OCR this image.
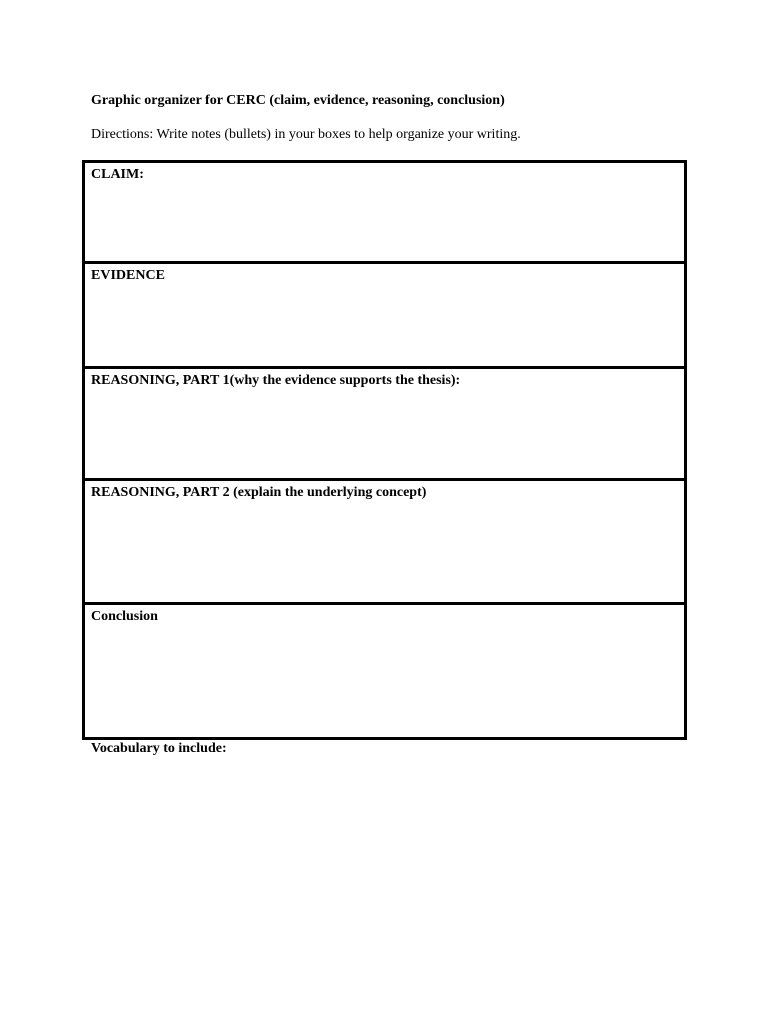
Graphic organizer for CERC (claim, evidence, reasoning, conclusion)
Directions: Write notes (bullets) in your boxes to help organize your writing.
CLAIM:
EVIDENCE
REASONING, PART 1(why the evidence supports the thesis):
REASONING, PART 2 (explain the underlying concept)
Conclusion
Vocabulary to include:
